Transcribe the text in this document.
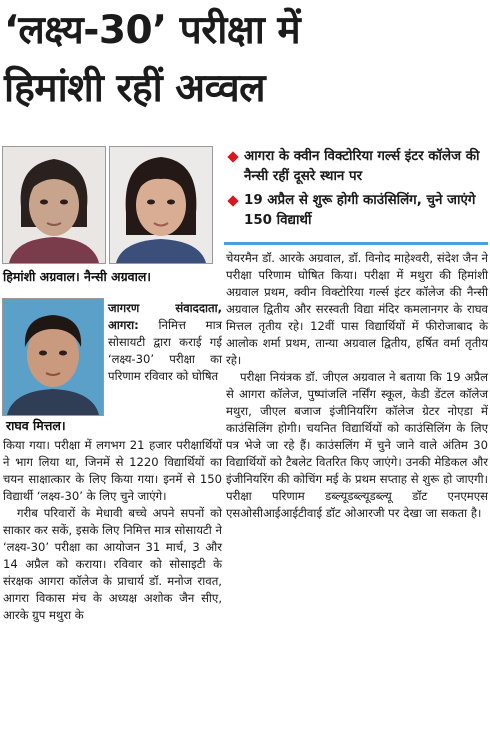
‘लक्ष्य-30’ परीक्षा में
हिमांशी रहीं अव्वल
हिमांशी अग्रवाल। नैन्सी अग्रवाल।
राघव मित्तल।
आगरा के क्वीन विक्टोरिया गर्ल्स इंटर कॉलेज की नैन्सी रहीं दूसरे स्थान पर
19 अप्रैल से शुरू होगी काउंसिलिंग, चुने जाएंगे 150 विद्यार्थी

जागरण संवाददाता, आगरा: निमित्त मात्र सोसायटी द्वारा कराई गई ‘लक्ष्य-30’ परीक्षा का परिणाम रविवार को घोषित

किया गया। परीक्षा में लगभग 21 हजार परीक्षार्थियों ने भाग लिया था, जिनमें से 1220 विद्यार्थियों का चयन साक्षात्कार के लिए किया गया। इनमें से 150 विद्यार्थी ‘लक्ष्य-30’ के लिए चुने जाएंगे।

गरीब परिवारों के मेधावी बच्चे अपने सपनों को साकार कर सकें, इसके लिए निमित्त मात्र सोसायटी ने ‘लक्ष्य-30’ परीक्षा का आयोजन 31 मार्च, 3 और 14 अप्रैल को कराया। रविवार को सोसाइटी के संरक्षक आगरा कॉलेज के प्राचार्य डॉ. मनोज रावत, आगरा विकास मंच के अध्यक्ष अशोक जैन सीए, आरके ग्रुप मथुरा के

चेयरमैन डॉ. आरके अग्रवाल, डॉ. विनोद माहेश्वरी, संदेश जैन ने परीक्षा परिणाम घोषित किया। परीक्षा में मथुरा की हिमांशी अग्रवाल प्रथम, क्वीन विक्टोरिया गर्ल्स इंटर कॉलेज की नैन्सी अग्रवाल द्वितीय और सरस्वती विद्या मंदिर कमलानगर के राघव मित्तल तृतीय रहे। 12वीं पास विद्यार्थियों में फीरोजाबाद के आलोक शर्मा प्रथम, तान्या अग्रवाल द्वितीय, हर्षित वर्मा तृतीय रहे।

परीक्षा नियंत्रक डॉ. जीएल अग्रवाल ने बताया कि 19 अप्रैल से आगरा कॉलेज, पुष्पांजलि नर्सिंग स्कूल, केडी डेंटल कॉलेज मथुरा, जीएल बजाज इंजीनियरिंग कॉलेज ग्रेटर नोएडा में काउंसिलिंग होगी। चयनित विद्यार्थियों को काउंसिलिंग के लिए पत्र भेजे जा रहे हैं। काउंसलिंग में चुने जाने वाले अंतिम 30 विद्यार्थियों को टैबलेट वितरित किए जाएंगे। उनकी मेडिकल और इंजीनियरिंग की कोचिंग मई के प्रथम सप्ताह से शुरू हो जाएगी। परीक्षा परिणाम डब्ल्यूडब्ल्यूडब्ल्यू डॉट एनएमएस एसओसीआईआईटीवाई डॉट ओआरजी पर देखा जा सकता है।
